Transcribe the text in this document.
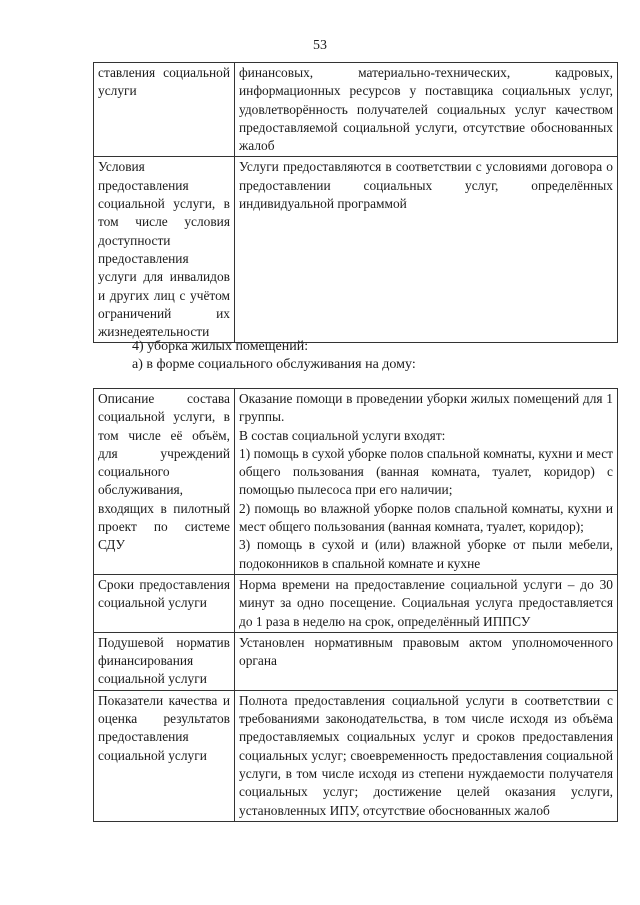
53
ставления социальной услуги	финансовых, материально-технических, кадровых, информационных ресурсов у поставщика социальных услуг, удовлетворённость получателей социальных услуг качеством предоставляемой социальной услуги, отсутствие обоснованных жалоб

Условия предоставления социальной услуги, в том числе условия доступности предоставления услуги для инвалидов и других лиц с учётом ограничений их жизнедеятельности	Услуги предоставляются в соответствии с условиями договора о предоставлении социальных услуг, определённых индивидуальной программой
4) уборка жилых помещений:
а) в форме социального обслуживания на дому:
Описание состава социальной услуги, в том числе её объём, для учреждений социального обслуживания, входящих в пилотный проект по системе СДУ	Оказание помощи в проведении уборки жилых помещений для 1 группы.
В состав социальной услуги входят:
1) помощь в сухой уборке полов спальной комнаты, кухни и мест общего пользования (ванная комната, туалет, коридор) с помощью пылесоса при его наличии;
2) помощь во влажной уборке полов спальной комнаты, кухни и мест общего пользования (ванная комната, туалет, коридор);
3) помощь в сухой и (или) влажной уборке от пыли мебели, подоконников в спальной комнате и кухне

Сроки предоставления социальной услуги	Норма времени на предоставление социальной услуги – до 30 минут за одно посещение. Социальная услуга предоставляется до 1 раза в неделю на срок, определённый ИППСУ

Подушевой норматив финансирования социальной услуги	Установлен нормативным правовым актом уполномоченного органа

Показатели качества и оценка результатов предоставления социальной услуги	Полнота предоставления социальной услуги в соответствии с требованиями законодательства, в том числе исходя из объёма предоставляемых социальных услуг и сроков предоставления социальных услуг; своевременность предоставления социальной услуги, в том числе исходя из степени нуждаемости получателя социальных услуг; достижение целей оказания услуги, установленных ИПУ, отсутствие обоснованных жалоб
